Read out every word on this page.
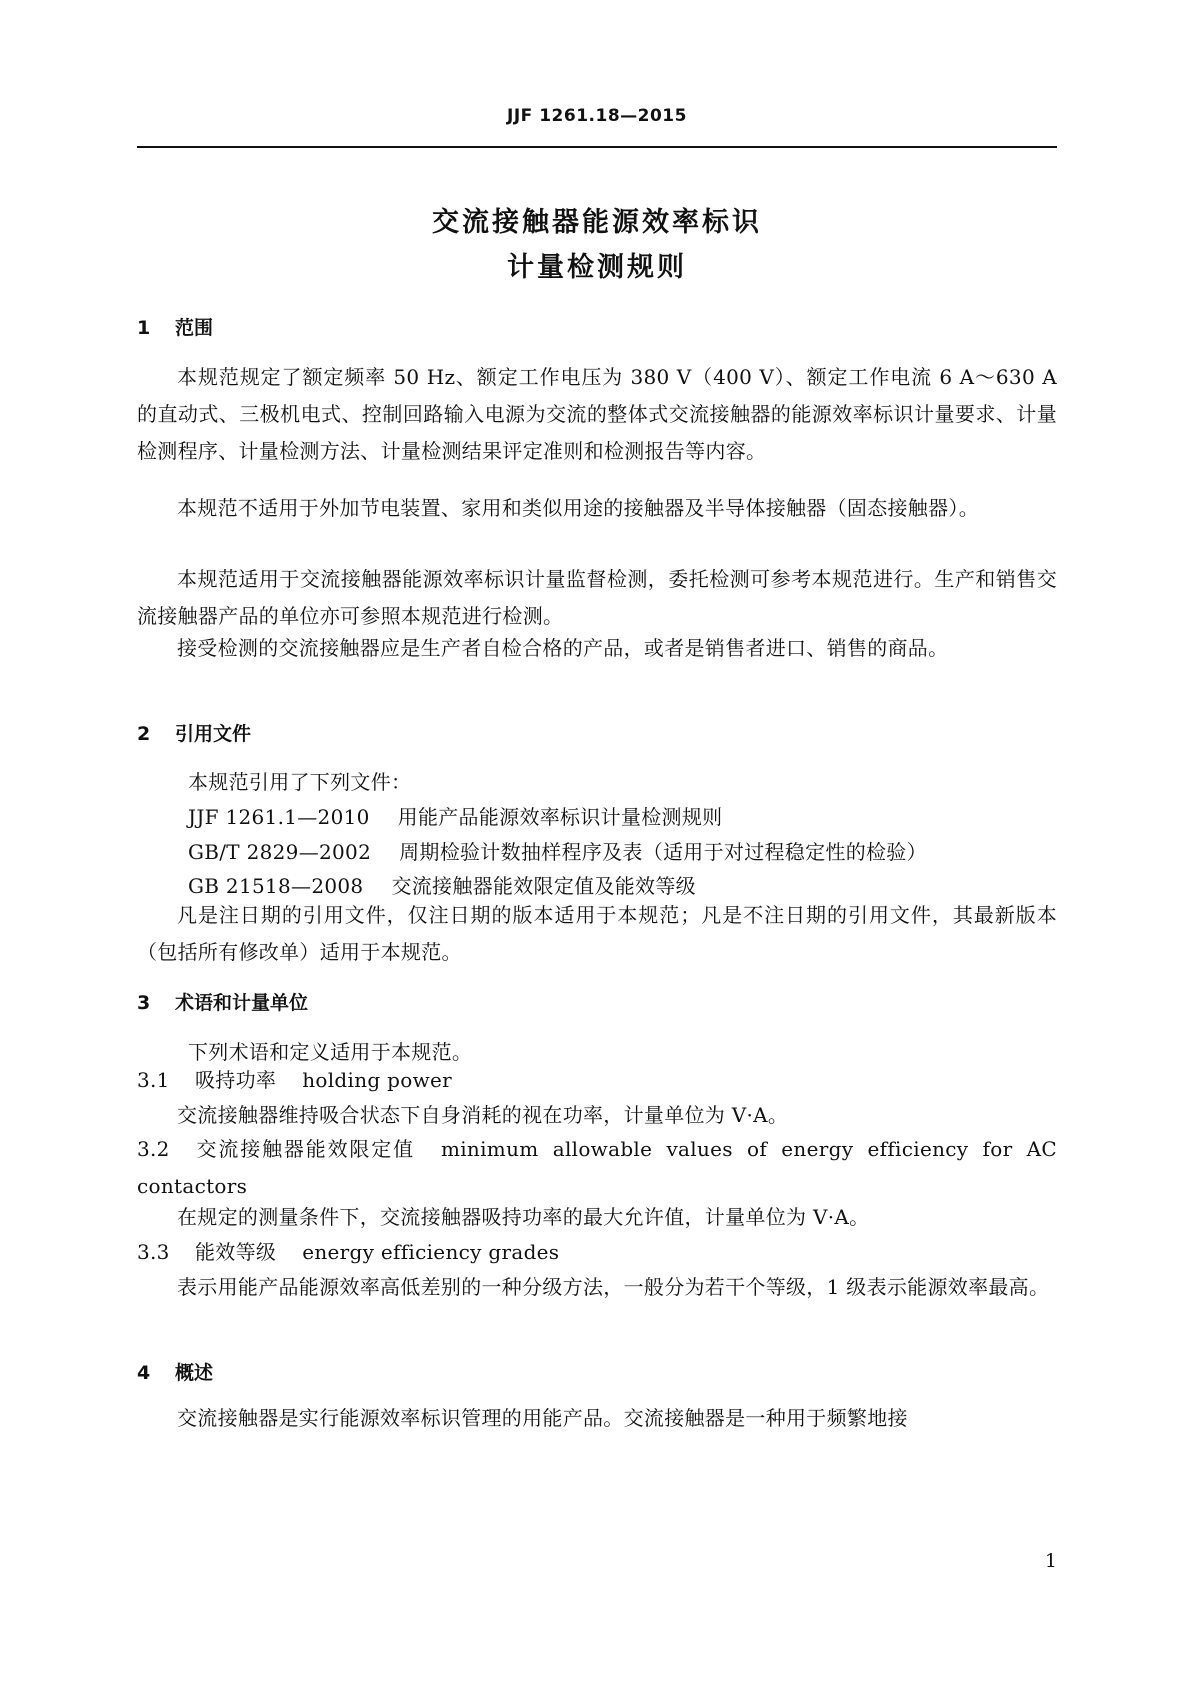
JJF 1261.18—2015
交流接触器能源效率标识
计量检测规则
1 范围
本规范规定了额定频率 50 Hz、额定工作电压为 380 V（400 V）、额定工作电流 6 A～630 A 的直动式、三极机电式、控制回路输入电源为交流的整体式交流接触器的能源效率标识计量要求、计量检测程序、计量检测方法、计量检测结果评定准则和检测报告等内容。
本规范不适用于外加节电装置、家用和类似用途的接触器及半导体接触器（固态接触器）。
本规范适用于交流接触器能源效率标识计量监督检测，委托检测可参考本规范进行。生产和销售交流接触器产品的单位亦可参照本规范进行检测。
接受检测的交流接触器应是生产者自检合格的产品，或者是销售者进口、销售的商品。
2 引用文件
本规范引用了下列文件：
JJF 1261.1—2010 用能产品能源效率标识计量检测规则
GB/T 2829—2002 周期检验计数抽样程序及表（适用于对过程稳定性的检验）
GB 21518—2008 交流接触器能效限定值及能效等级
凡是注日期的引用文件，仅注日期的版本适用于本规范；凡是不注日期的引用文件，其最新版本（包括所有修改单）适用于本规范。
3 术语和计量单位
下列术语和定义适用于本规范。
3.1 吸持功率 holding power
交流接触器维持吸合状态下自身消耗的视在功率，计量单位为 V·A。
3.2 交流接触器能效限定值 minimum allowable values of energy efficiency for AC contactors
在规定的测量条件下，交流接触器吸持功率的最大允许值，计量单位为 V·A。
3.3 能效等级 energy efficiency grades
表示用能产品能源效率高低差别的一种分级方法，一般分为若干个等级，1 级表示能源效率最高。
4 概述
交流接触器是实行能源效率标识管理的用能产品。交流接触器是一种用于频繁地接
1
